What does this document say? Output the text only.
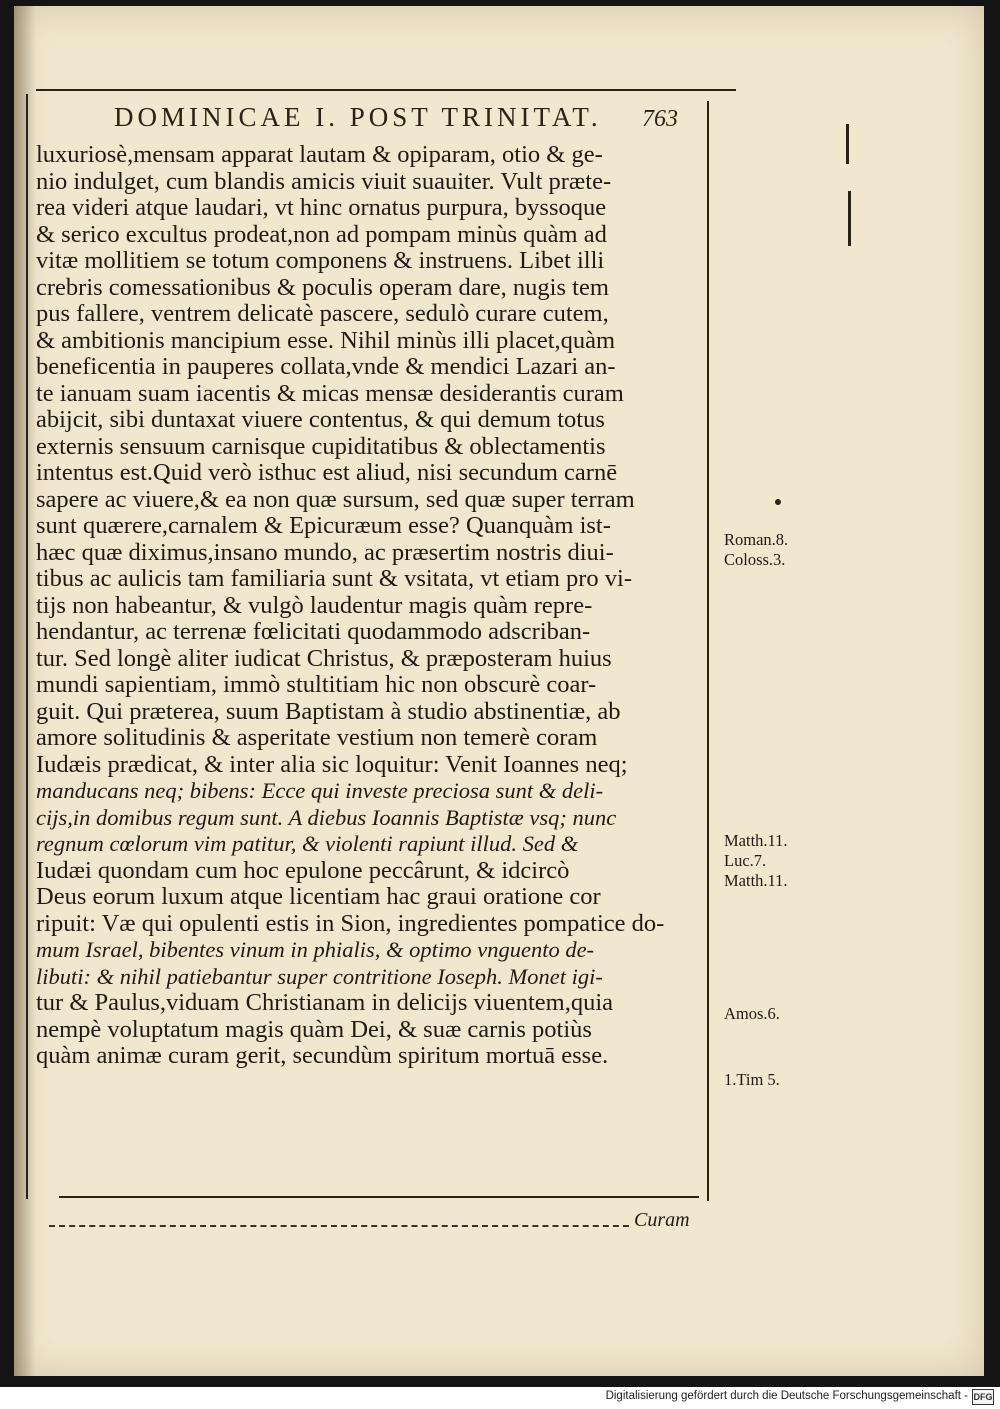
DOMINICAE I. POST TRINITAT.	763
luxuriosè,mensam apparat lautam & opiparam, otio & ge-
nio indulget, cum blandis amicis viuit suauiter. Vult præte-
rea videri atque laudari, vt hinc ornatus purpura, byssoque
& serico excultus prodeat,non ad pompam minùs quàm ad
vitæ mollitiem se totum componens & instruens. Libet illi
crebris comessationibus & poculis operam dare, nugis tem
pus fallere, ventrem delicatè pascere, sedulò curare cutem,
& ambitionis mancipium esse. Nihil minùs illi placet,quàm
beneficentia in pauperes collata,vnde & mendici Lazari an-
te ianuam suam iacentis & micas mensæ desiderantis curam
abijcit, sibi duntaxat viuere contentus, & qui demum totus
externis sensuum carnisque cupiditatibus & oblectamentis
intentus est.Quid verò isthuc est aliud, nisi secundum carnē
sapere ac viuere,& ea non quæ sursum, sed quæ super terram
sunt quærere,carnalem & Epicuræum esse? Quanquàm ist-
hæc quæ diximus,insano mundo, ac præsertim nostris diui-
tibus ac aulicis tam familiaria sunt & vsitata, vt etiam pro vi-
tijs non habeantur, & vulgò laudentur magis quàm repre-
hendantur, ac terrenæ fœlicitati quodammodo adscriban-
tur. Sed longè aliter iudicat Christus, & præposteram huius
mundi sapientiam, immò stultitiam hic non obscurè coar-
guit. Qui præterea, suum Baptistam à studio abstinentiæ, ab
amore solitudinis & asperitate vestium non temerè coram
Iudæis prædicat, & inter alia sic loquitur: Venit Ioannes neq;
manducans neq; bibens: Ecce qui investe preciosa sunt & deli-
cijs,in domibus regum sunt. A diebus Ioannis Baptistæ vsq; nunc
regnum cœlorum vim patitur, & violenti rapiunt illud. Sed &
Iudæi quondam cum hoc epulone peccârunt, & idcircò
Deus eorum luxum atque licentiam hac graui oratione cor
ripuit: Væ qui opulenti estis in Sion, ingredientes pompatice do-
mum Israel, bibentes vinum in phialis, & optimo vnguento de-
libuti: & nihil patiebantur super contritione Ioseph. Monet igi-
tur & Paulus,viduam Christianam in delicijs viuentem,quia
nempè voluptatum magis quàm Dei, & suæ carnis potiùs
quàm animæ curam gerit, secundùm spiritum mortuā esse.
Roman.8.
Coloss.3.
Matth.11.
Luc.7.
Matth.11.
Amos.6.
1.Tim 5.
Curam
Digitalisierung gefördert durch die Deutsche Forschungsgemeinschaft - DFG
